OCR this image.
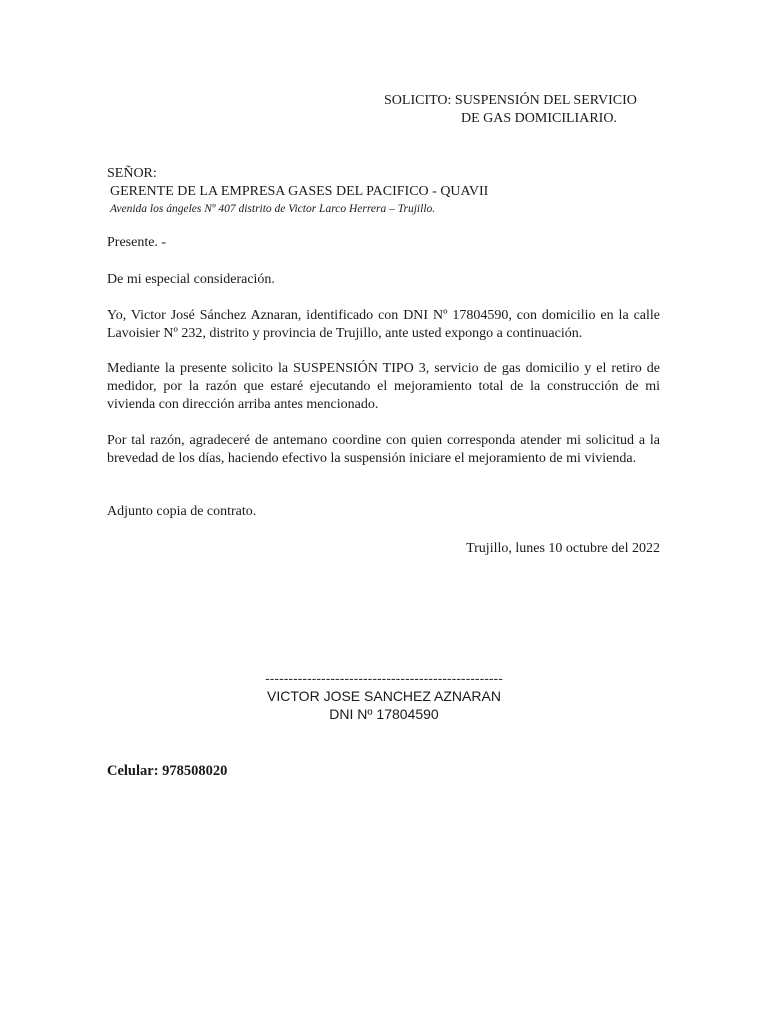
SOLICITO: SUSPENSIÓN DEL SERVICIO
DE GAS DOMICILIARIO.
SEÑOR:
GERENTE DE LA EMPRESA GASES DEL PACIFICO - QUAVII
Avenida los ángeles Nº 407 distrito de Victor Larco Herrera – Trujillo.

Presente. -

De mi especial consideración.

Yo, Victor José Sánchez Aznaran, identificado con DNI Nº 17804590, con domicilio en la calle Lavoisier Nº 232, distrito y provincia de Trujillo, ante usted expongo a continuación.

Mediante la presente solicito la SUSPENSIÓN TIPO 3, servicio de gas domicilio y el retiro de medidor, por la razón que estaré ejecutando el mejoramiento total de la construcción de mi vivienda con dirección arriba antes mencionado.

Por tal razón, agradeceré de antemano coordine con quien corresponda atender mi solicitud a la brevedad de los días, haciendo efectivo la suspensión iniciare el mejoramiento de mi vivienda.

Adjunto copia de contrato.

Trujillo, lunes 10 octubre del 2022
---------------------------------------------------
VICTOR JOSE SANCHEZ AZNARAN
DNI Nº 17804590
Celular: 978508020
